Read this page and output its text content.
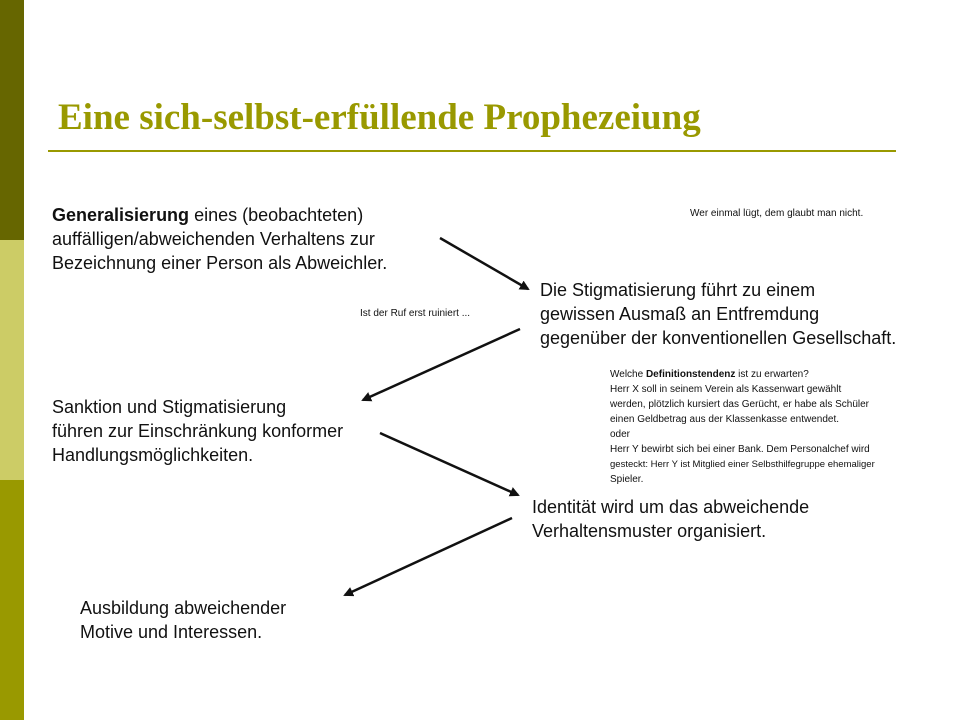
Eine sich-selbst-erfüllende Prophezeiung
Generalisierung eines (beobachteten)
auffälligen/abweichenden Verhaltens zur
Bezeichnung einer Person als Abweichler.
Wer einmal lügt, dem glaubt man nicht.
Die Stigmatisierung führt zu einem
gewissen Ausmaß an Entfremdung
gegenüber der konventionellen Gesellschaft.
Ist der Ruf erst ruiniert ...
Welche Definitionstendenz ist zu erwarten?
Herr X soll in seinem Verein als Kassenwart gewählt
werden, plötzlich kursiert das Gerücht, er habe als Schüler
einen Geldbetrag aus der Klassenkasse entwendet.
oder
Herr Y bewirbt sich bei einer Bank. Dem Personalchef wird
gesteckt: Herr Y ist Mitglied einer Selbsthilfegruppe ehemaliger
Spieler.
Sanktion und Stigmatisierung
führen zur Einschränkung konformer
Handlungsmöglichkeiten.
Identität wird um das abweichende
Verhaltensmuster organisiert.
Ausbildung abweichender
Motive und Interessen.
